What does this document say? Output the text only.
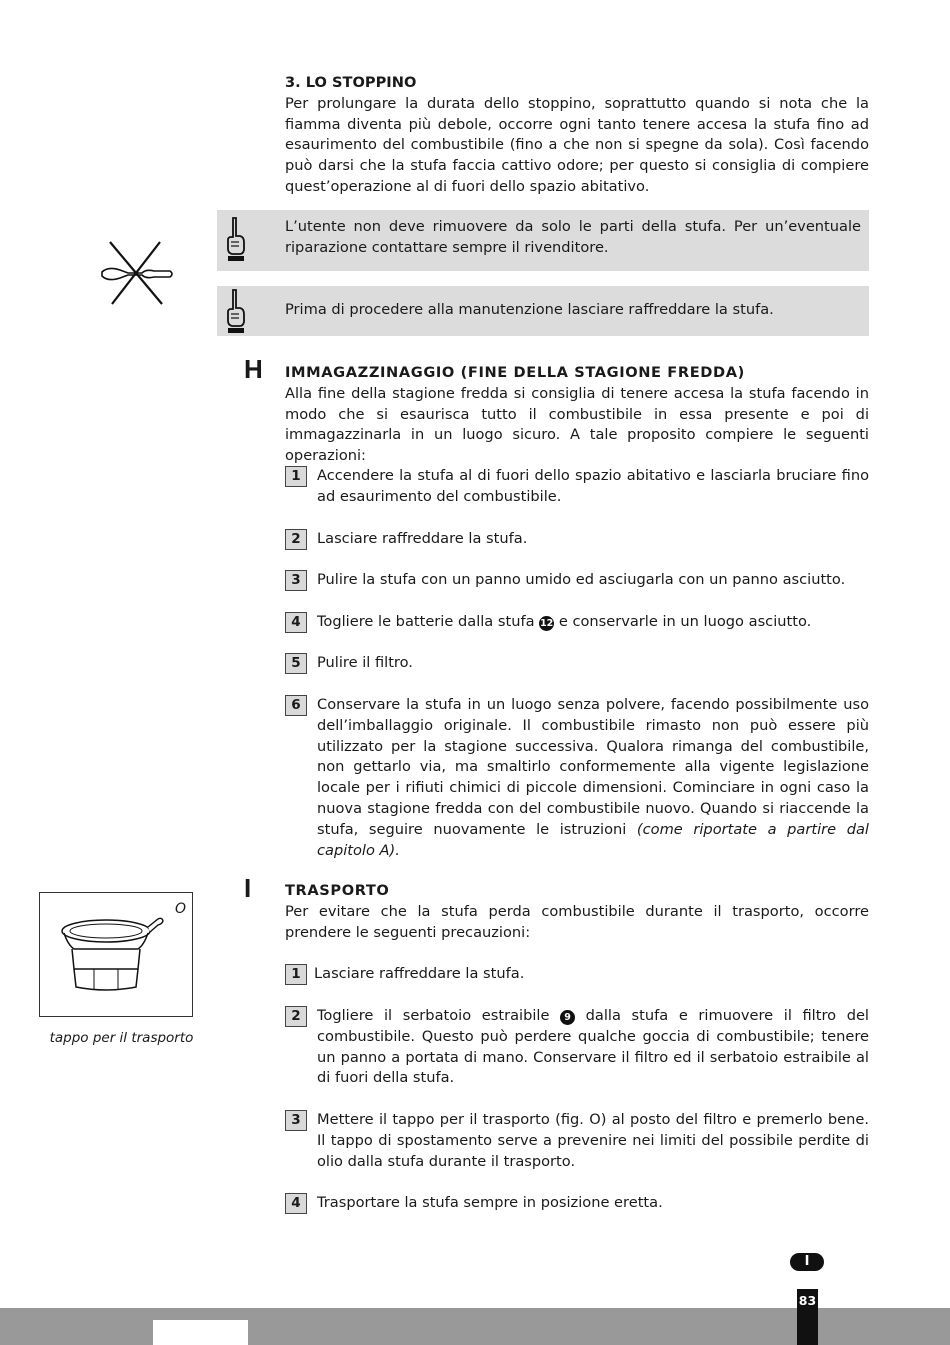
3. LO STOPPINO

Per prolungare la durata dello stoppino, soprattutto quando si nota che la fiamma diventa più debole, occorre ogni tanto tenere accesa la stufa fino ad esaurimento del combustibile (fino a che non si spegne da sola). Così facendo può darsi che la stufa faccia cattivo odore; per questo si consiglia di compiere quest’operazione al di fuori dello spazio abitativo.

L’utente non deve rimuovere da solo le parti della stufa. Per un’eventuale riparazione contattare sempre il rivenditore.

Prima di procedere alla manutenzione lasciare raffreddare la stufa.

H	IMMAGAZZINAGGIO (FINE DELLA STAGIONE FREDDA)

Alla fine della stagione fredda si consiglia di tenere accesa la stufa facendo in modo che si esaurisca tutto il combustibile in essa presente e poi di immagazzinarla in un luogo sicuro. A tale proposito compiere le seguenti operazioni:

1	Accendere la stufa al di fuori dello spazio abitativo e lasciarla bruciare fino ad esaurimento del combustibile.

2	Lasciare raffreddare la stufa.

3	Pulire la stufa con un panno umido ed asciugarla con un panno asciutto.

4	Togliere le batterie dalla stufa 12 e conservarle in un luogo asciutto.

5	Pulire il filtro.

6	Conservare la stufa in un luogo senza polvere, facendo possibilmente uso dell’imballaggio originale. Il combustibile rimasto non può essere più utilizzato per la stagione successiva. Qualora rimanga del combustibile, non gettarlo via, ma smaltirlo conformemente alla vigente legislazione locale per i rifiuti chimici di piccole dimensioni. Cominciare in ogni caso la nuova stagione fredda con del combustibile nuovo. Quando si riaccende la stufa, seguire nuovamente le istruzioni (come riportate a partire dal capitolo A).

I	TRASPORTO

Per evitare che la stufa perda combustibile durante il trasporto, occorre prendere le seguenti precauzioni:

1 Lasciare raffreddare la stufa.

2	Togliere il serbatoio estraibile 9 dalla stufa e rimuovere il filtro del combustibile. Questo può perdere qualche goccia di combustibile; tenere un panno a portata di mano. Conservare il filtro ed il serbatoio estraibile al di fuori della stufa.

3	Mettere il tappo per il trasporto (fig. O) al posto del filtro e premerlo bene. Il tappo di spostamento serve a prevenire nei limiti del possibile perdite di olio dalla stufa durante il trasporto.

4	Trasportare la stufa sempre in posizione eretta.

O
tappo per il trasporto
I
83
